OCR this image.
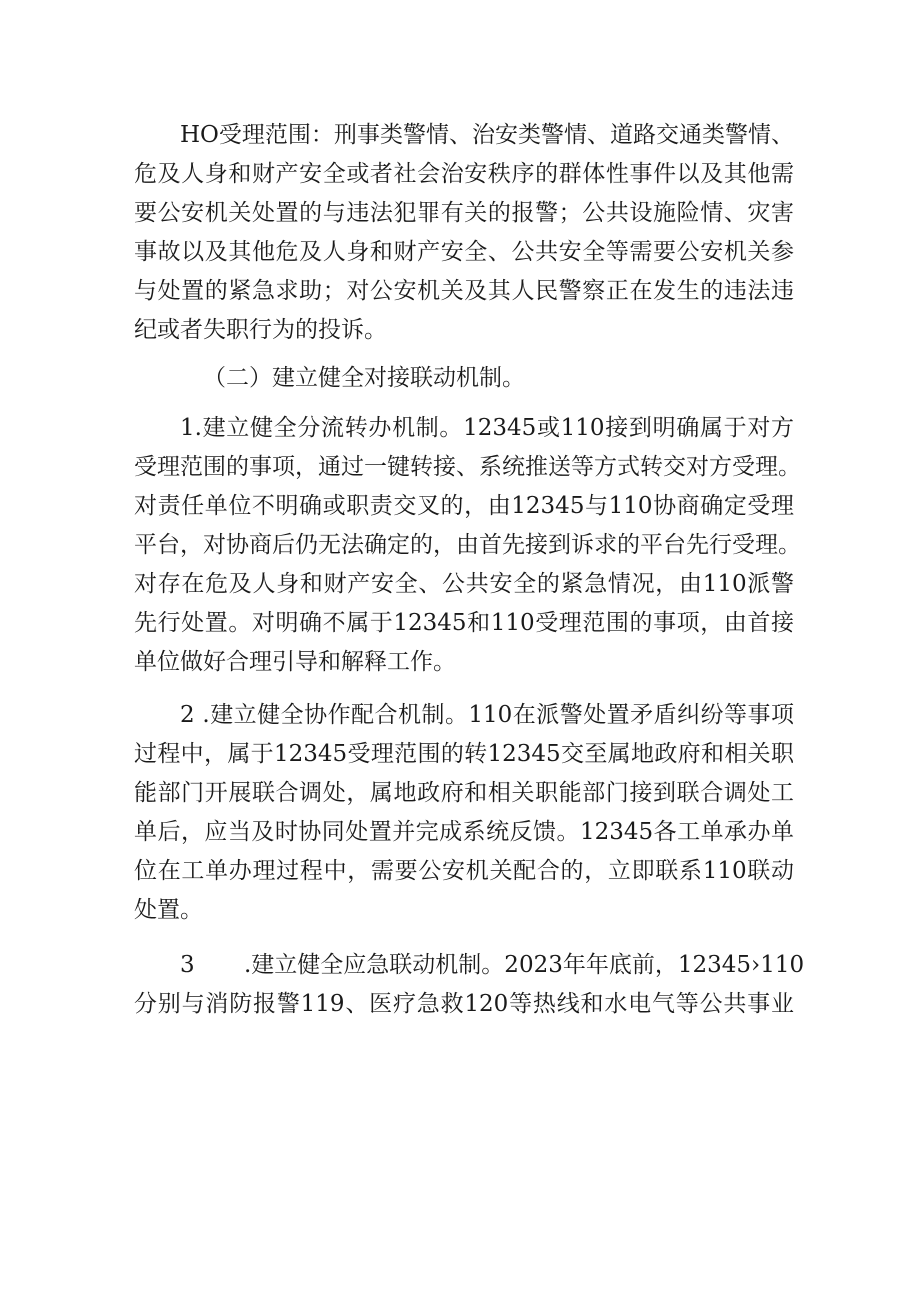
HO受理范围：刑事类警情、治安类警情、道路交通类警情、

危及人身和财产安全或者社会治安秩序的群体性事件以及其他需

要公安机关处置的与违法犯罪有关的报警；公共设施险情、灾害

事故以及其他危及人身和财产安全、公共安全等需要公安机关参

与处置的紧急求助；对公安机关及其人民警察正在发生的违法违

纪或者失职行为的投诉。

（二）建立健全对接联动机制。

1.建立健全分流转办机制。12345或110接到明确属于对方

受理范围的事项，通过一键转接、系统推送等方式转交对方受理。

对责任单位不明确或职责交叉的，由12345与110协商确定受理

平台，对协商后仍无法确定的，由首先接到诉求的平台先行受理。

对存在危及人身和财产安全、公共安全的紧急情况，由110派警

先行处置。对明确不属于12345和110受理范围的事项，由首接

单位做好合理引导和解释工作。

2 .建立健全协作配合机制。110在派警处置矛盾纠纷等事项

过程中，属于12345受理范围的转12345交至属地政府和相关职

能部门开展联合调处，属地政府和相关职能部门接到联合调处工

单后，应当及时协同处置并完成系统反馈。12345各工单承办单

位在工单办理过程中，需要公安机关配合的，立即联系110联动

处置。

3	.建立健全应急联动机制。2023年年底前，12345›110

分别与消防报警119、医疗急救120等热线和水电气等公共事业
